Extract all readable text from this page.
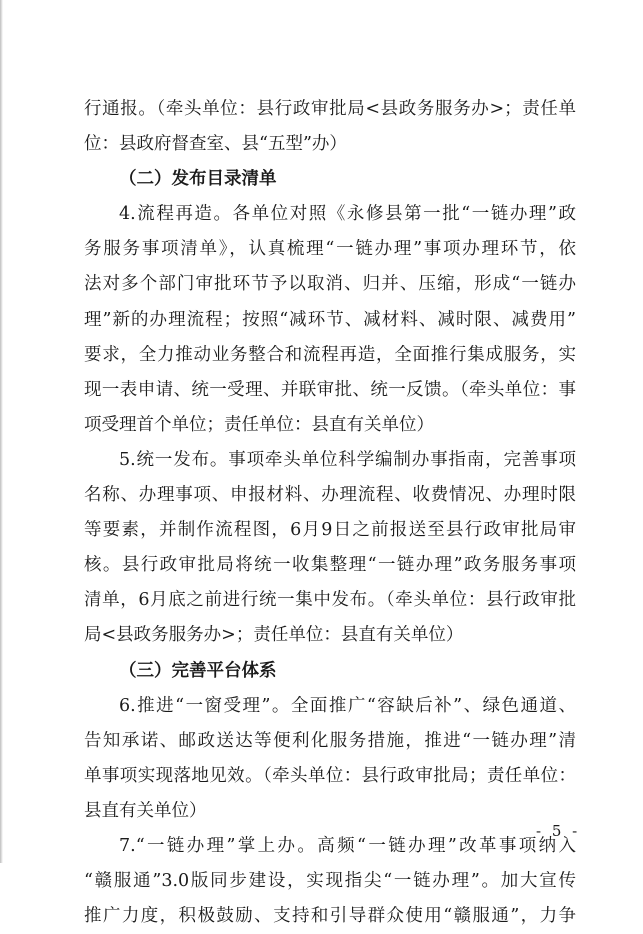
行通报。（牵头单位：县行政审批局<县政务服务办>；责任单
位：县政府督查室、县“五型”办）
（二）发布目录清单
4.流程再造。各单位对照《永修县第一批“一链办理”政
务服务事项清单》，认真梳理“一链办理”事项办理环节，依
法对多个部门审批环节予以取消、归并、压缩，形成“一链办
理”新的办理流程；按照“减环节、减材料、减时限、减费用”
要求，全力推动业务整合和流程再造，全面推行集成服务，实
现一表申请、统一受理、并联审批、统一反馈。（牵头单位：事
项受理首个单位；责任单位：县直有关单位）
5.统一发布。事项牵头单位科学编制办事指南，完善事项
名称、办理事项、申报材料、办理流程、收费情况、办理时限
等要素，并制作流程图，6月9日之前报送至县行政审批局审
核。县行政审批局将统一收集整理“一链办理”政务服务事项
清单，6月底之前进行统一集中发布。（牵头单位：县行政审批
局<县政务服务办>；责任单位：县直有关单位）
（三）完善平台体系
6.推进“一窗受理”。全面推广“容缺后补”、绿色通道、
告知承诺、邮政送达等便利化服务措施，推进“一链办理”清
单事项实现落地见效。（牵头单位：县行政审批局；责任单位：
县直有关单位）
7.“一链办理”掌上办。高频“一链办理”改革事项纳入
“赣服通”3.0版同步建设，实现指尖“一链办理”。加大宣传
推广力度，积极鼓励、支持和引导群众使用“赣服通”，力争
- 5 -
